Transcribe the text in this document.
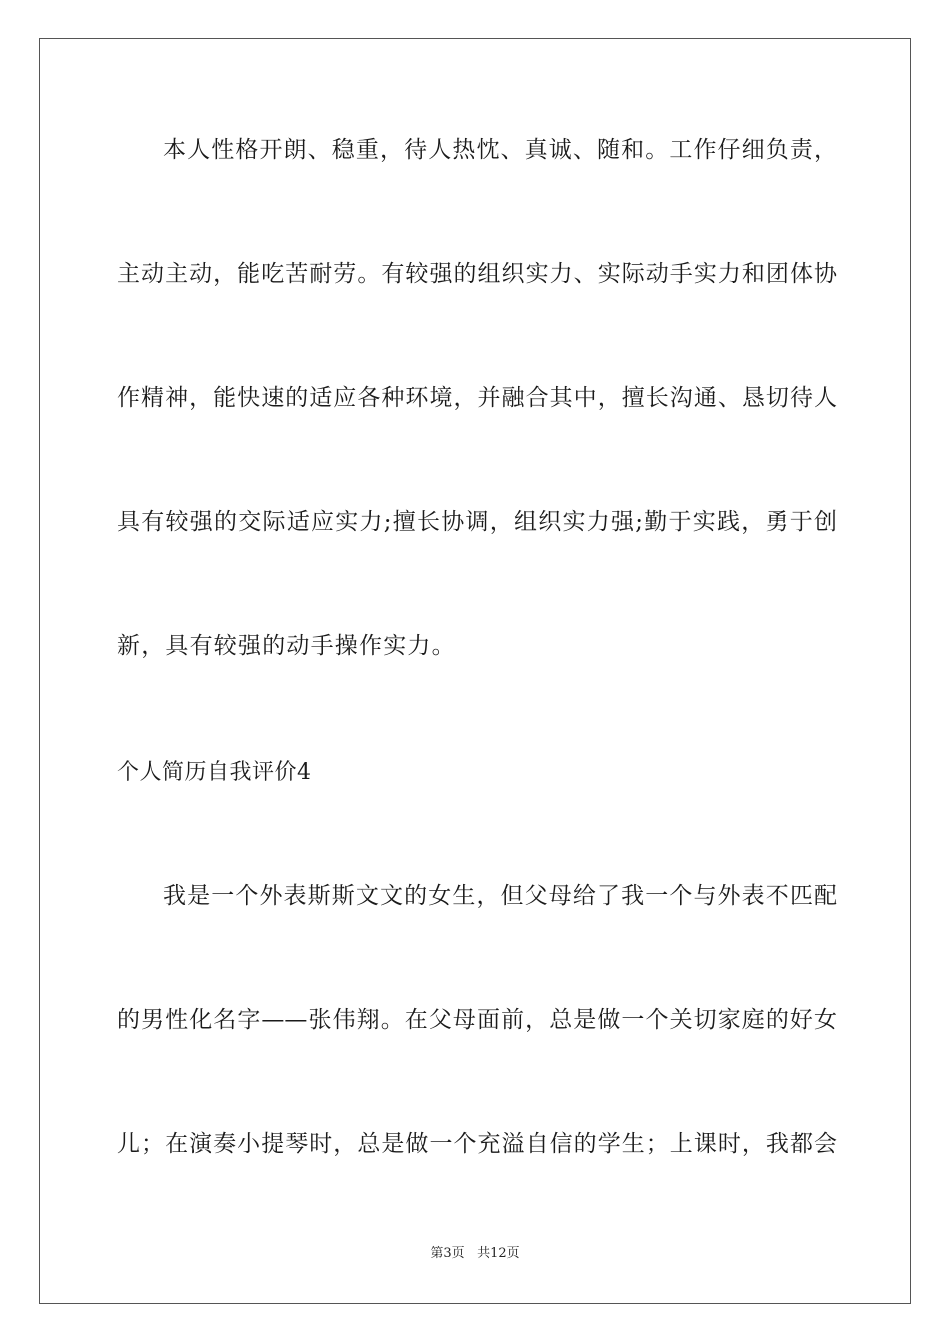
本人性格开朗、稳重，待人热忱、真诚、随和。工作仔细负责，
主动主动，能吃苦耐劳。有较强的组织实力、实际动手实力和团体协
作精神，能快速的适应各种环境，并融合其中，擅长沟通、恳切待人
具有较强的交际适应实力;擅长协调，组织实力强;勤于实践，勇于创
新，具有较强的动手操作实力。
个人简历自我评价4
我是一个外表斯斯文文的女生，但父母给了我一个与外表不匹配
的男性化名字——张伟翔。在父母面前，总是做一个关切家庭的好女
儿；在演奏小提琴时，总是做一个充溢自信的学生；上课时，我都会
第3页 共12页
